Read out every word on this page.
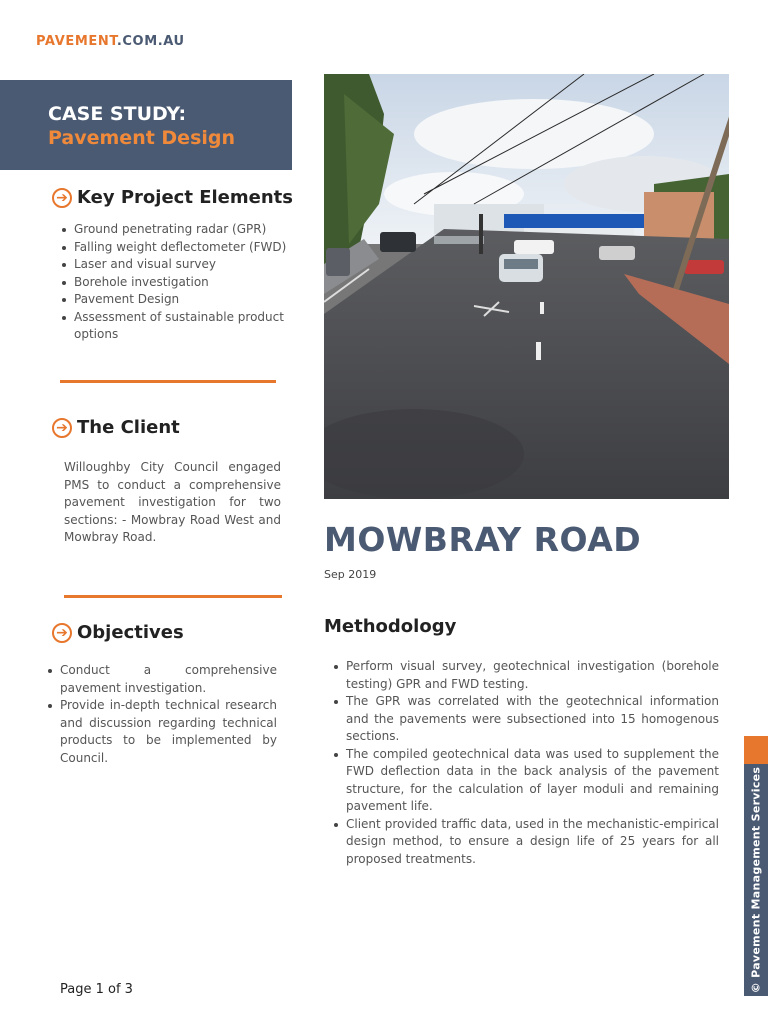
PAVEMENT.COM.AU
CASE STUDY:
Pavement Design
➔ Key Project Elements
Ground penetrating radar (GPR)
Falling weight deflectometer (FWD)
Laser and visual survey
Borehole investigation
Pavement Design
Assessment of sustainable product options
➔ The Client
Willoughby City Council engaged PMS to conduct a comprehensive pavement investigation for two sections: - Mowbray Road West and Mowbray Road.
➔ Objectives
Conduct a comprehensive pavement investigation.
Provide in-depth technical research and discussion regarding technical products to be implemented by Council.
MOWBRAY ROAD
Sep 2019
Methodology
Perform visual survey, geotechnical investigation (borehole testing) GPR and FWD testing.
The GPR was correlated with the geotechnical information and the pavements were subsectioned into 15 homogenous sections.
The compiled geotechnical data was used to supplement the FWD deflection data in the back analysis of the pavement structure, for the calculation of layer moduli and remaining pavement life.
Client provided traffic data, used in the mechanistic-empirical design method, to ensure a design life of 25 years for all proposed treatments.
Page 1 of 3	© Pavement Management Services
